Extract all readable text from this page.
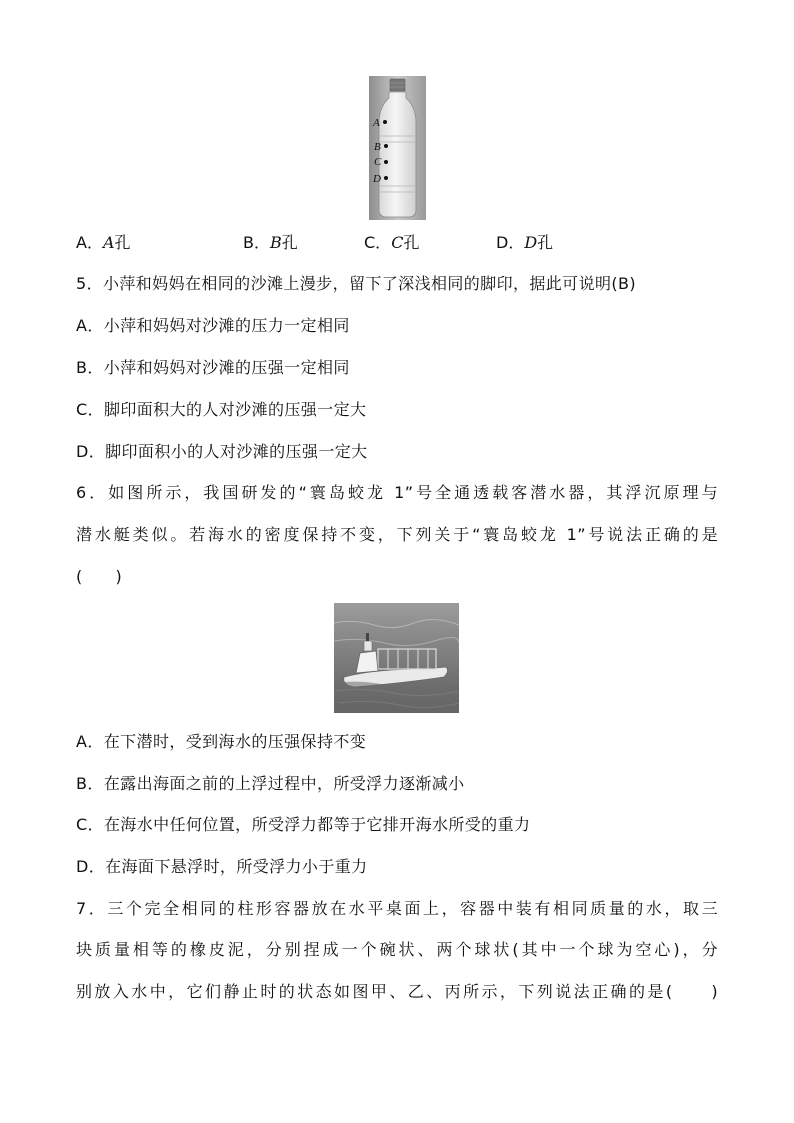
A
B
C
D
A．A孔	B．B孔	C．C孔	D．D孔
5．小萍和妈妈在相同的沙滩上漫步，留下了深浅相同的脚印，据此可说明(B)
A．小萍和妈妈对沙滩的压力一定相同
B．小萍和妈妈对沙滩的压强一定相同
C．脚印面积大的人对沙滩的压强一定大
D．脚印面积小的人对沙滩的压强一定大
6．如图所示，我国研发的“寰岛蛟龙 1”号全通透载客潜水器，其浮沉原理与
潜水艇类似。若海水的密度保持不变，下列关于“寰岛蛟龙 1”号说法正确的是
(　　)
A．在下潜时，受到海水的压强保持不变
B．在露出海面之前的上浮过程中，所受浮力逐渐减小
C．在海水中任何位置，所受浮力都等于它排开海水所受的重力
D．在海面下悬浮时，所受浮力小于重力
7．三个完全相同的柱形容器放在水平桌面上，容器中装有相同质量的水，取三
块质量相等的橡皮泥，分别捏成一个碗状、两个球状(其中一个球为空心)，分
别放入水中，它们静止时的状态如图甲、乙、丙所示，下列说法正确的是(　　)
